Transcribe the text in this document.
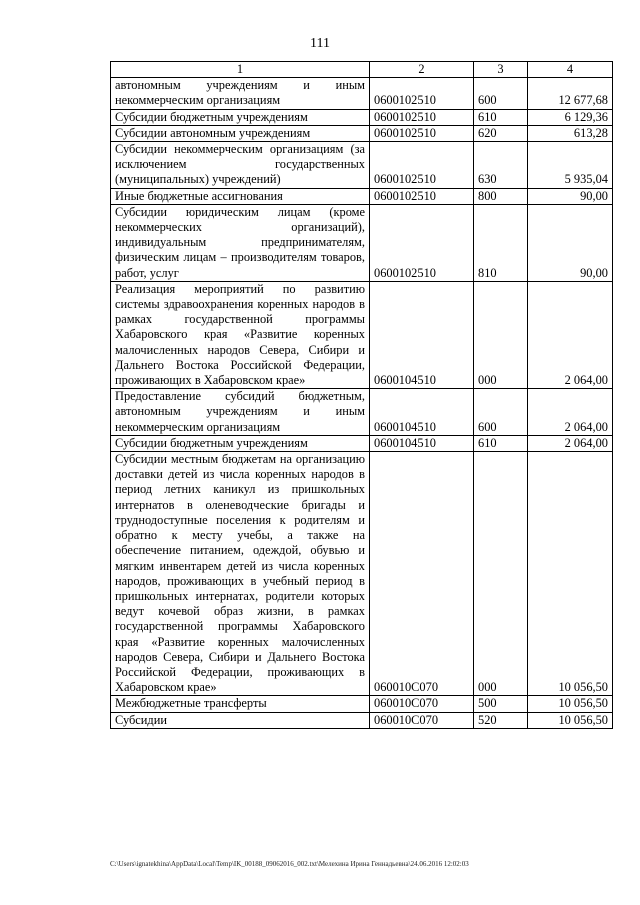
111
1	2	3	4
автономным учреждениям и иным некоммерческим организациям	0600102510	600	12 677,68
Субсидии бюджетным учреждениям	0600102510	610	6 129,36
Субсидии автономным учреждениям	0600102510	620	613,28
Субсидии некоммерческим организациям (за исключением государственных (муниципальных) учреждений)	0600102510	630	5 935,04
Иные бюджетные ассигнования	0600102510	800	90,00
Субсидии юридическим лицам (кроме некоммерческих организаций), индивидуальным предпринимателям, физическим лицам – производителям товаров, работ, услуг	0600102510	810	90,00
Реализация мероприятий по развитию системы здравоохранения коренных народов в рамках государственной программы Хабаровского края «Развитие коренных малочисленных народов Севера, Сибири и Дальнего Востока Российской Федерации, проживающих в Хабаровском крае»	0600104510	000	2 064,00
Предоставление субсидий бюджетным, автономным учреждениям и иным некоммерческим организациям	0600104510	600	2 064,00
Субсидии бюджетным учреждениям	0600104510	610	2 064,00
Субсидии местным бюджетам на организацию доставки детей из числа коренных народов в период летних каникул из пришкольных интернатов в оленеводческие бригады и труднодоступные поселения к родителям и обратно к месту учебы, а также на обеспечение питанием, одеждой, обувью и мягким инвентарем детей из числа коренных народов, проживающих в учебный период в пришкольных интернатах, родители которых ведут кочевой образ жизни, в рамках государственной программы Хабаровского края «Развитие коренных малочисленных народов Севера, Сибири и Дальнего Востока Российской Федерации, проживающих в Хабаровском крае»	060010С070	000	10 056,50
Межбюджетные трансферты	060010С070	500	10 056,50
Субсидии	060010С070	520	10 056,50
C:\Users\ignatekhina\AppData\Local\Temp\IK_00188_09062016_002.txt\Мелехина Ирина Геннадьевна\24.06.2016 12:02:03
